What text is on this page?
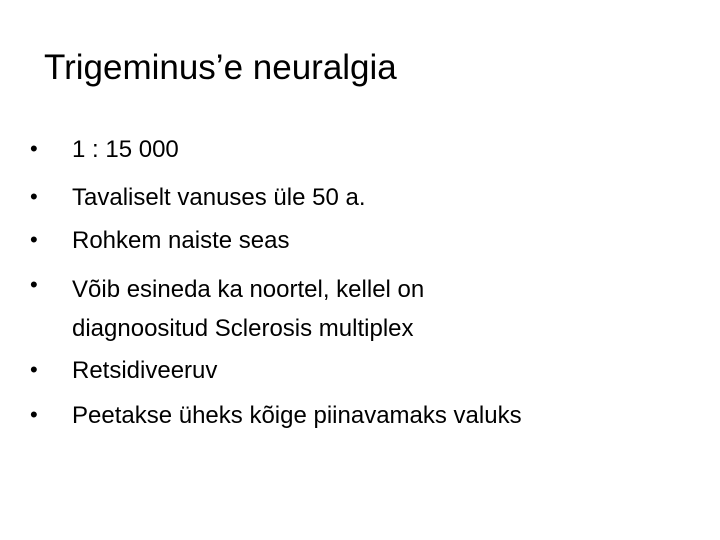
Trigeminus’e neuralgia
• 1 : 15 000
• Tavaliselt vanuses üle 50 a.
• Rohkem naiste seas
• Võib esineda ka noortel, kellel on
diagnoositud Sclerosis multiplex
• Retsidiveeruv
• Peetakse üheks kõige piinavamaks valuks
